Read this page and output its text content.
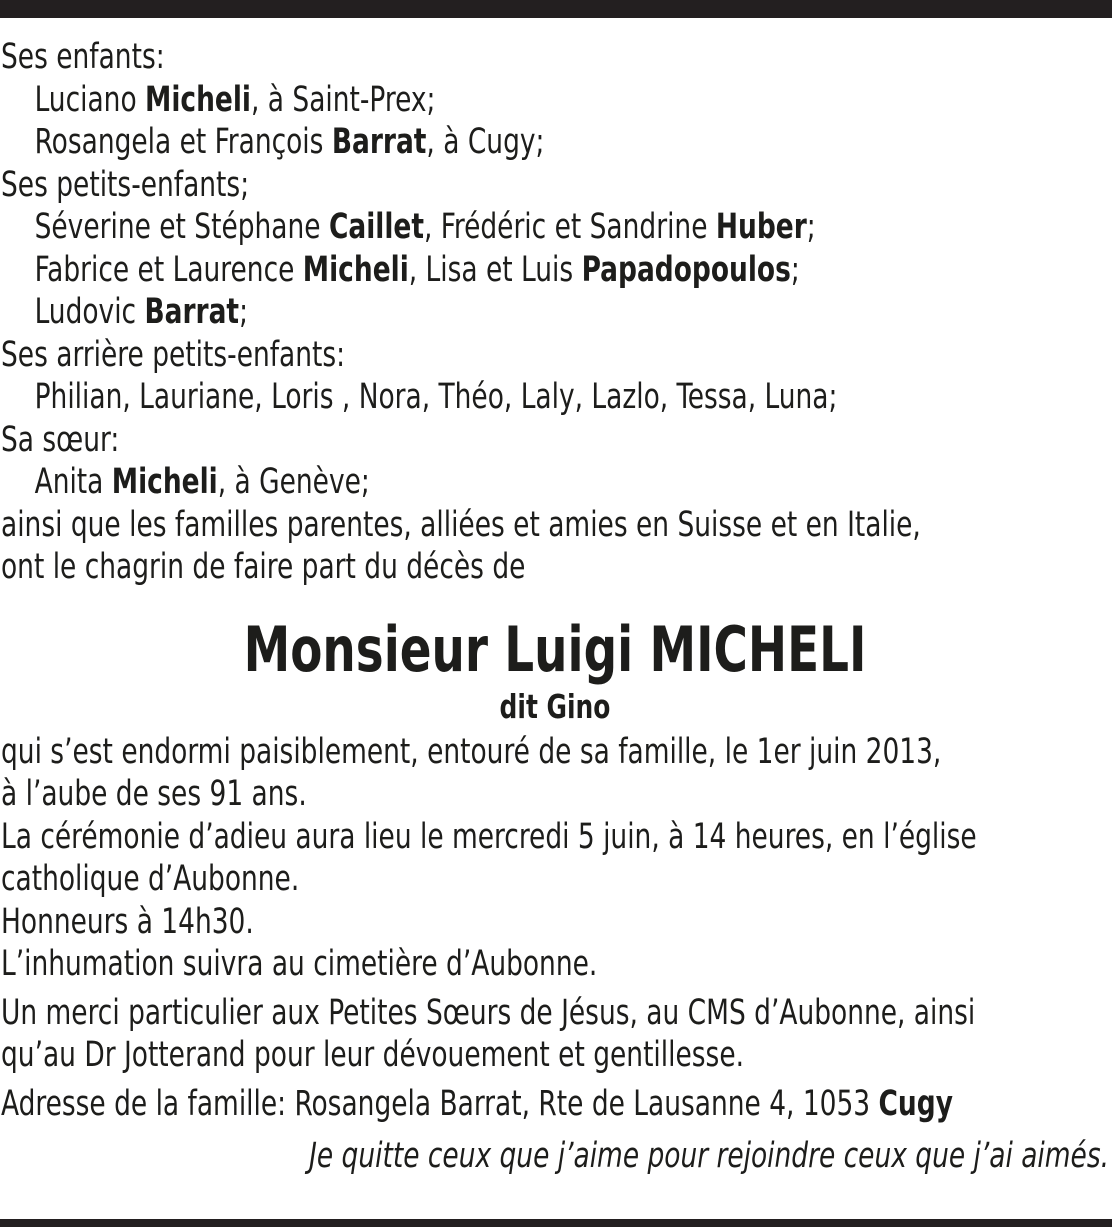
Ses enfants:
Luciano Micheli, à Saint-Prex;
Rosangela et François Barrat, à Cugy;
Ses petits-enfants;
Séverine et Stéphane Caillet, Frédéric et Sandrine Huber;
Fabrice et Laurence Micheli, Lisa et Luis Papadopoulos;
Ludovic Barrat;
Ses arrière petits-enfants:
Philian, Lauriane, Loris , Nora, Théo, Laly, Lazlo, Tessa, Luna;
Sa sœur:
Anita Micheli, à Genève;
ainsi que les familles parentes, alliées et amies en Suisse et en Italie,
ont le chagrin de faire part du décès de
Monsieur Luigi MICHELI
dit Gino
qui s’est endormi paisiblement, entouré de sa famille, le 1er juin 2013,
à l’aube de ses 91 ans.
La cérémonie d’adieu aura lieu le mercredi 5 juin, à 14 heures, en l’église
catholique d’Aubonne.
Honneurs à 14h30.
L’inhumation suivra au cimetière d’Aubonne.
Un merci particulier aux Petites Sœurs de Jésus, au CMS d’Aubonne, ainsi
qu’au Dr Jotterand pour leur dévouement et gentillesse.
Adresse de la famille: Rosangela Barrat, Rte de Lausanne 4, 1053 Cugy
Je quitte ceux que j’aime pour rejoindre ceux que j’ai aimés.
